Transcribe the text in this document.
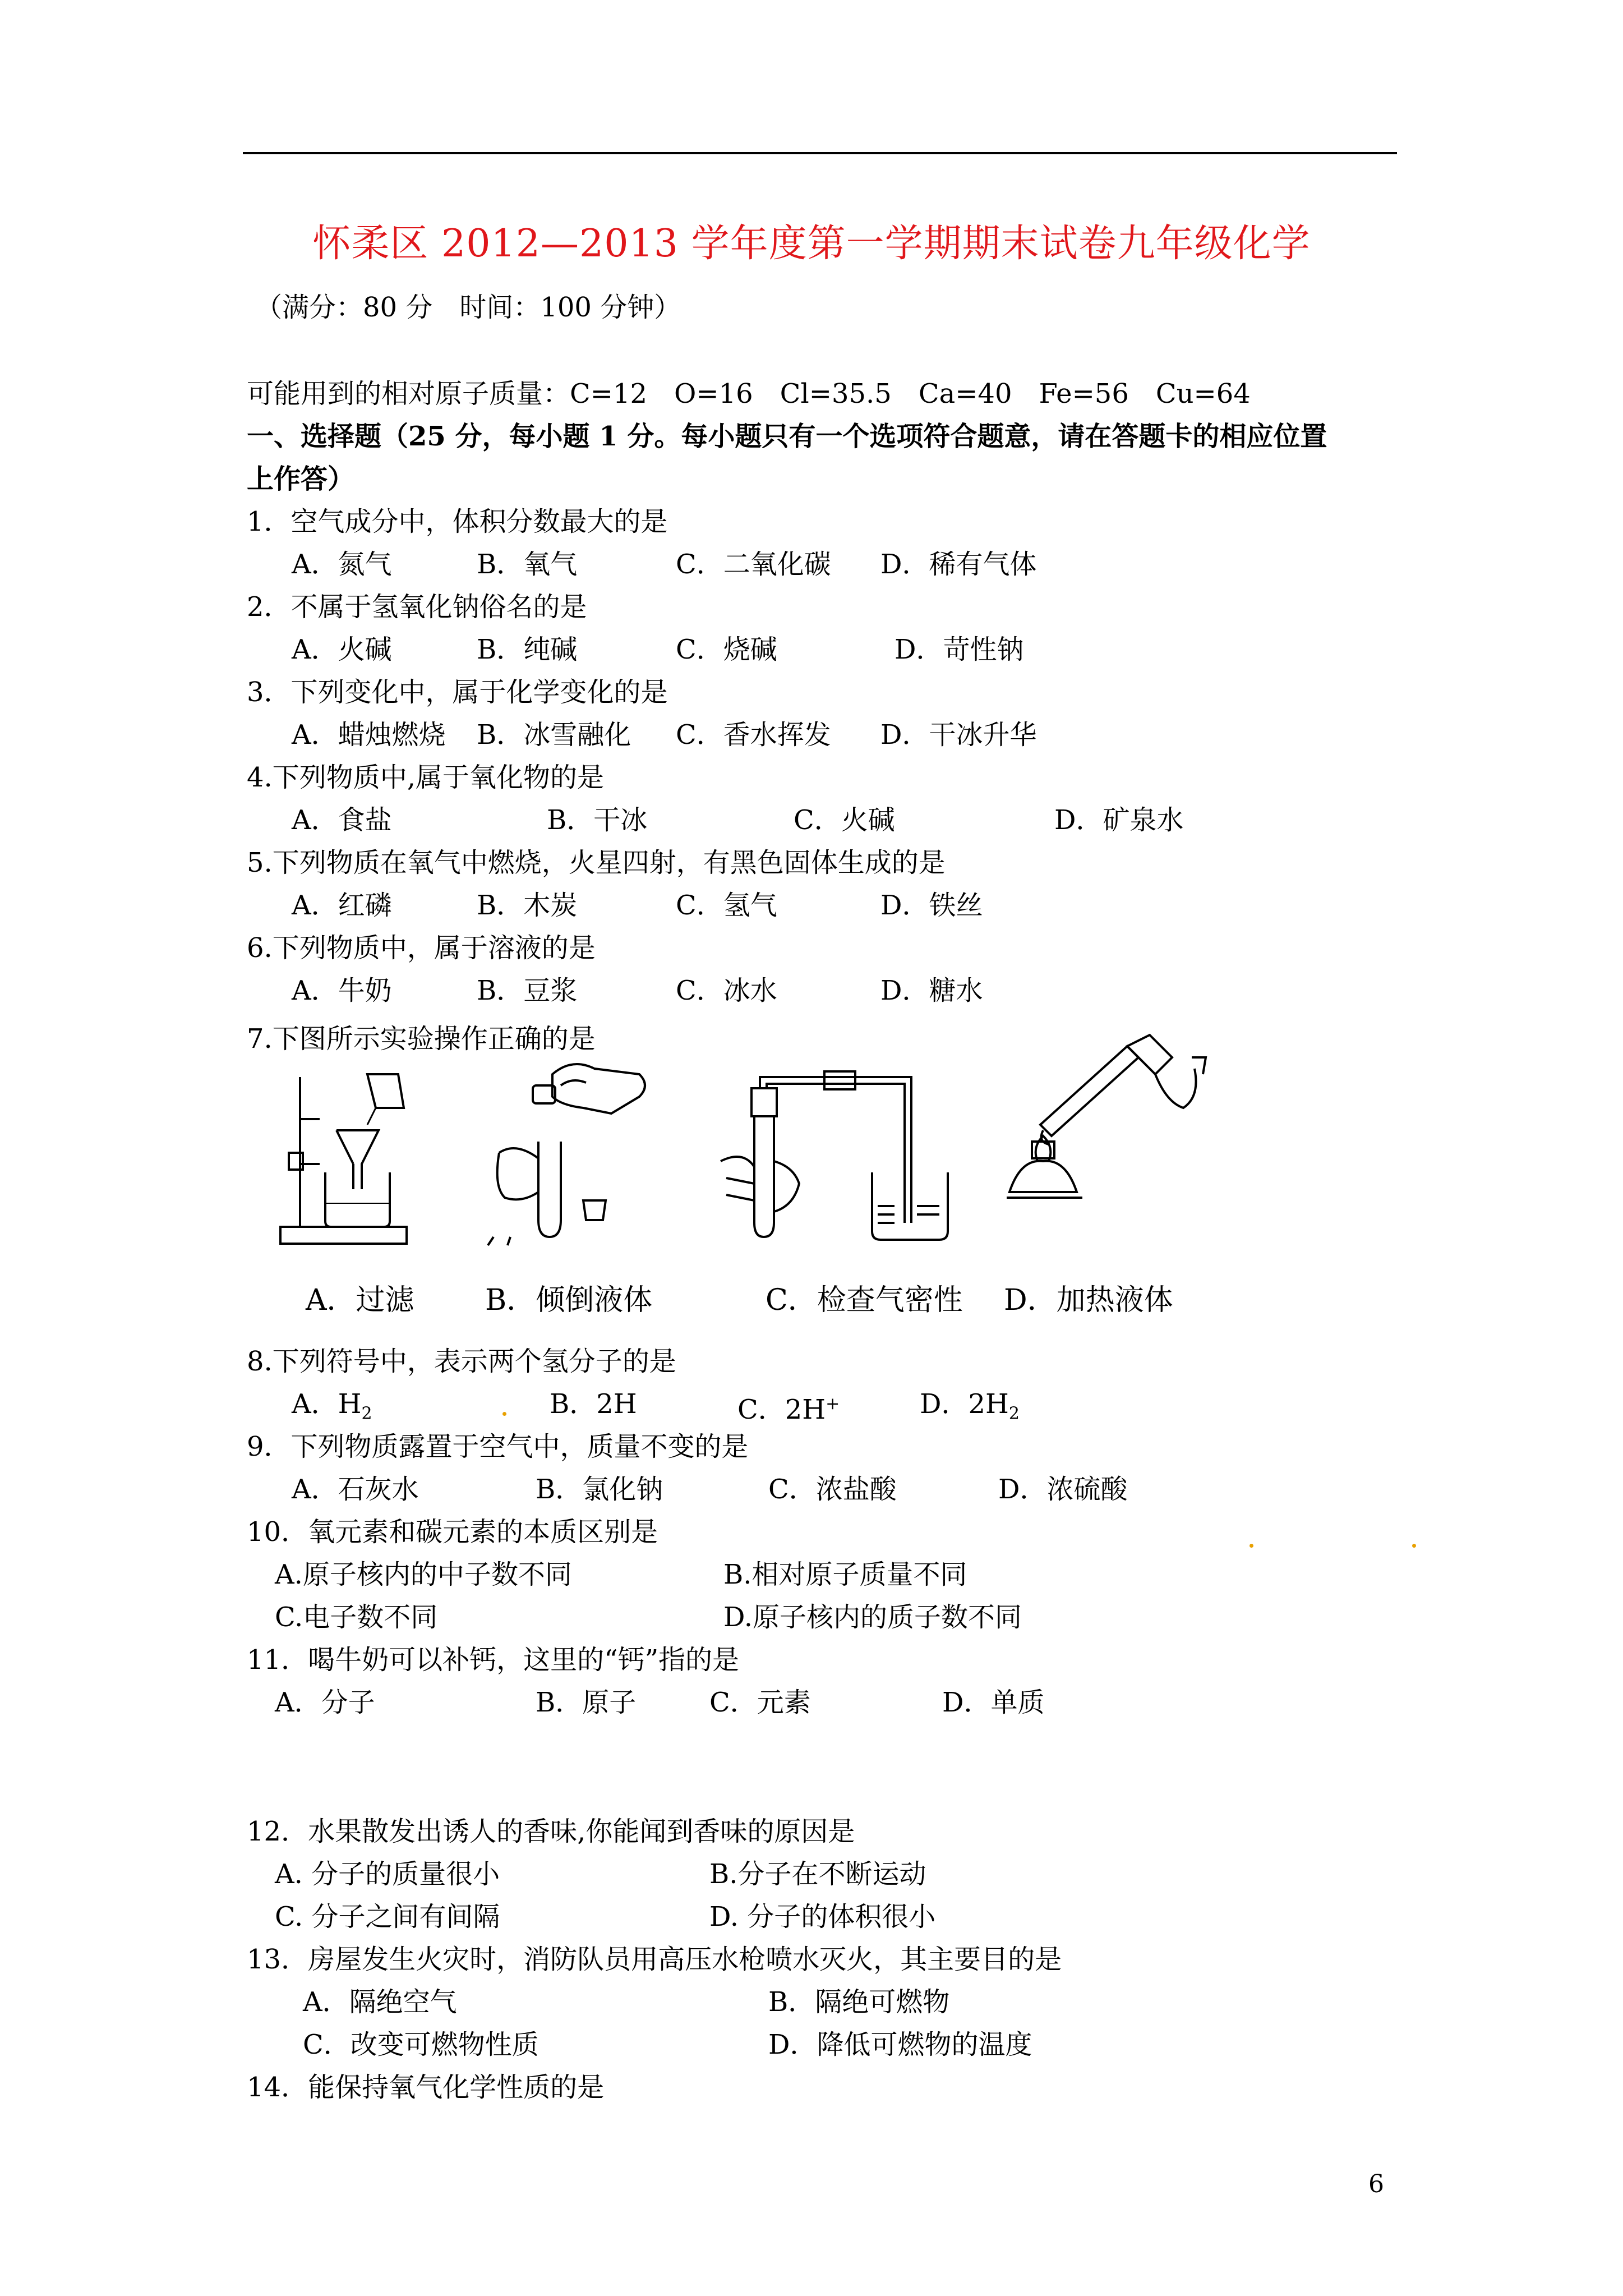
怀柔区 2012—2013 学年度第一学期期末试卷九年级化学
（满分：80 分　时间：100 分钟）
可能用到的相对原子质量：C=12　O=16　Cl=35.5　Ca=40　Fe=56　Cu=64
一、选择题（25 分，每小题 1 分。每小题只有一个选项符合题意，请在答题卡的相应位置
上作答）
1．空气成分中，体积分数最大的是
A．氮气	B．氧气	C．二氧化碳 D．稀有气体
2．不属于氢氧化钠俗名的是
A．火碱	B．纯碱	C．烧碱	D．苛性钠
3．下列变化中，属于化学变化的是
A．蜡烛燃烧 B．冰雪融化 C．香水挥发 D．干冰升华
4.下列物质中,属于氧化物的是
A．食盐	B．干冰	C．火碱	D．矿泉水
5.下列物质在氧气中燃烧，火星四射，有黑色固体生成的是
A．红磷	B．木炭	C．氢气	D．铁丝
6.下列物质中，属于溶液的是
A．牛奶	B．豆浆	C．冰水	D．糖水
7.下图所示实验操作正确的是
A．过滤 B．倾倒液体	C．检查气密性 D．加热液体
8.下列符号中，表示两个氢分子的是
A．$H_2$	B．2H	C．2H+	D．$2H_2$
9．下列物质露置于空气中，质量不变的是
A．石灰水	B．氯化钠	C．浓盐酸	D．浓硫酸
10．氧元素和碳元素的本质区别是
A.原子核内的中子数不同	B.相对原子质量不同
C.电子数不同	D.原子核内的质子数不同
11．喝牛奶可以补钙，这里的“钙”指的是
A．分子	B．原子	C．元素	D．单质
12．水果散发出诱人的香味,你能闻到香味的原因是
A. 分子的质量很小	B.分子在不断运动
C. 分子之间有间隔	D. 分子的体积很小
13．房屋发生火灾时，消防队员用高压水枪喷水灭火，其主要目的是
A．隔绝空气	B．隔绝可燃物
C．改变可燃物性质	D．降低可燃物的温度
14．能保持氧气化学性质的是
6
